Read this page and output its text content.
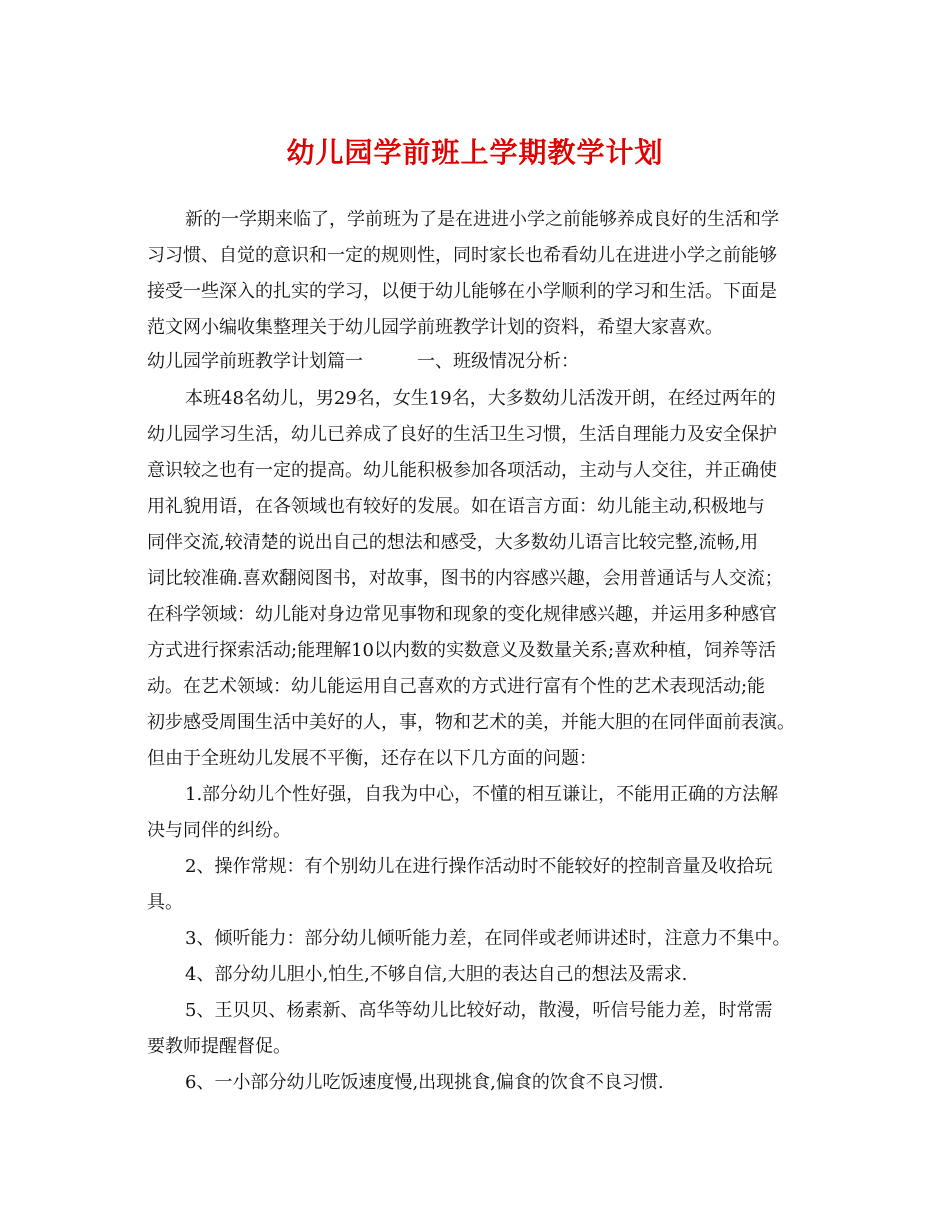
幼儿园学前班上学期教学计划
新的一学期来临了，学前班为了是在进进小学之前能够养成良好的生活和学
习习惯、自觉的意识和一定的规则性，同时家长也希看幼儿在进进小学之前能够
接受一些深入的扎实的学习，以便于幼儿能够在小学顺利的学习和生活。下面是
范文网小编收集整理关于幼儿园学前班教学计划的资料，希望大家喜欢。
幼儿园学前班教学计划篇一　　　一、班级情况分析：
本班48名幼儿，男29名，女生19名，大多数幼儿活泼开朗，在经过两年的
幼儿园学习生活，幼儿已养成了良好的生活卫生习惯，生活自理能力及安全保护
意识较之也有一定的提高。幼儿能积极参加各项活动，主动与人交往，并正确使
用礼貌用语，在各领域也有较好的发展。如在语言方面：幼儿能主动,积极地与
同伴交流,较清楚的说出自己的想法和感受，大多数幼儿语言比较完整,流畅,用
词比较准确.喜欢翻阅图书，对故事，图书的内容感兴趣，会用普通话与人交流；
在科学领域：幼儿能对身边常见事物和现象的变化规律感兴趣，并运用多种感官
方式进行探索活动;能理解10以内数的实数意义及数量关系;喜欢种植，饲养等活
动。在艺术领域：幼儿能运用自己喜欢的方式进行富有个性的艺术表现活动;能
初步感受周围生活中美好的人，事，物和艺术的美，并能大胆的在同伴面前表演。
但由于全班幼儿发展不平衡，还存在以下几方面的问题：
1.部分幼儿个性好强，自我为中心，不懂的相互谦让，不能用正确的方法解
决与同伴的纠纷。
2、操作常规：有个别幼儿在进行操作活动时不能较好的控制音量及收拾玩
具。
3、倾听能力：部分幼儿倾听能力差，在同伴或老师讲述时，注意力不集中。
4、部分幼儿胆小,怕生,不够自信,大胆的表达自己的想法及需求.
5、王贝贝、杨素新、高华等幼儿比较好动，散漫，听信号能力差，时常需
要教师提醒督促。
6、一小部分幼儿吃饭速度慢,出现挑食,偏食的饮食不良习惯.
